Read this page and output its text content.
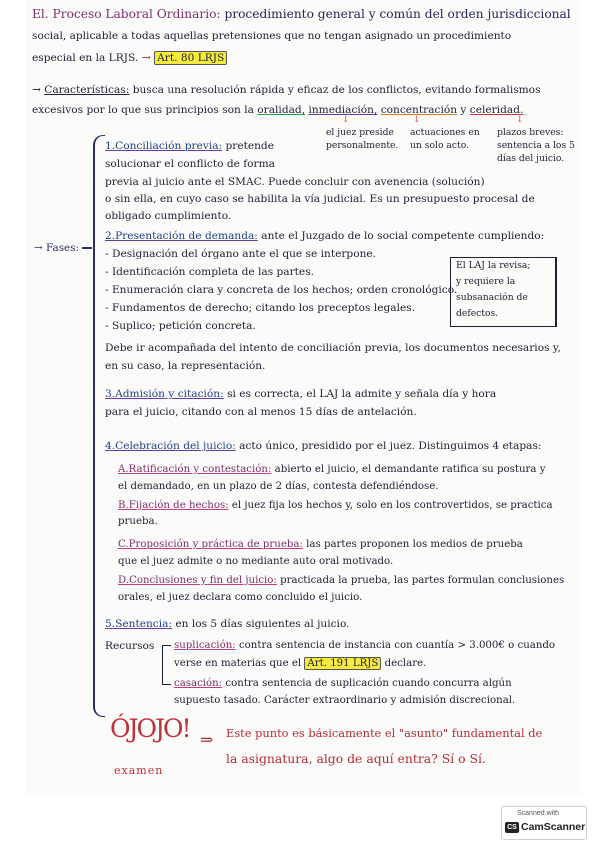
El. Proceso Laboral Ordinario: procedimiento general y común del orden jurisdiccional
social, aplicable a todas aquellas pretensiones que no tengan asignado un procedimiento
especial en la LRJS. → Art. 80 LRJS
→ Características: busca una resolución rápida y eficaz de los conflictos, evitando formalismos
excesivos por lo que sus principios son la oralidad, inmediación, concentración y celeridad.
↓	↓	↓
el juez preside personalmente.
actuaciones en un solo acto.
plazos breves: sentencia a los 5 días del juicio.
→ Fases:
1.Conciliación previa: pretende
solucionar el conflicto de forma
previa al juicio ante el SMAC. Puede concluir con avenencia (solución)
o sin ella, en cuyo caso se habilita la vía judicial. Es un presupuesto procesal de
obligado cumplimiento.
2.Presentación de demanda: ante el Juzgado de lo social competente cumpliendo:
- Designación del órgano ante el que se interpone.
- Identificación completa de las partes.
- Enumeración clara y concreta de los hechos; orden cronológico.
- Fundamentos de derecho; citando los preceptos legales.
- Suplico; petición concreta.
El LAJ la revisa;
y requiere la
subsanación de
defectos.
Debe ir acompañada del intento de conciliación previa, los documentos necesarios y,
en su caso, la representación.
3.Admisión y citación: si es correcta, el LAJ la admite y señala día y hora
para el juicio, citando con al menos 15 días de antelación.
4.Celebración del juicio: acto único, presidido por el juez. Distinguimos 4 etapas:
A.Ratificación y contestación: abierto el juicio, el demandante ratifica su postura y
el demandado, en un plazo de 2 días, contesta defendiéndose.
B.Fijación de hechos: el juez fija los hechos y, solo en los controvertidos, se practica
prueba.
C.Proposición y práctica de prueba: las partes proponen los medios de prueba
que el juez admite o no mediante auto oral motivado.
D.Conclusiones y fin del juicio: practicada la prueba, las partes formulan conclusiones
orales, el juez declara como concluido el juicio.
5.Sentencia: en los 5 días siguientes al juicio.
Recursos suplicación: contra sentencia de instancia con cuantía > 3.000€ o cuando
verse en materias que el Art. 191 LRJS declare.
casación: contra sentencia de suplicación cuando concurra algún
supuesto tasado. Carácter extraordinario y admisión discrecional.
ÓJOJO!
examen
⇒ Este punto es básicamente el "asunto" fundamental de
la asignatura, algo de aquí entra? Sí o Sí.
Scanned with
CS CamScanner
